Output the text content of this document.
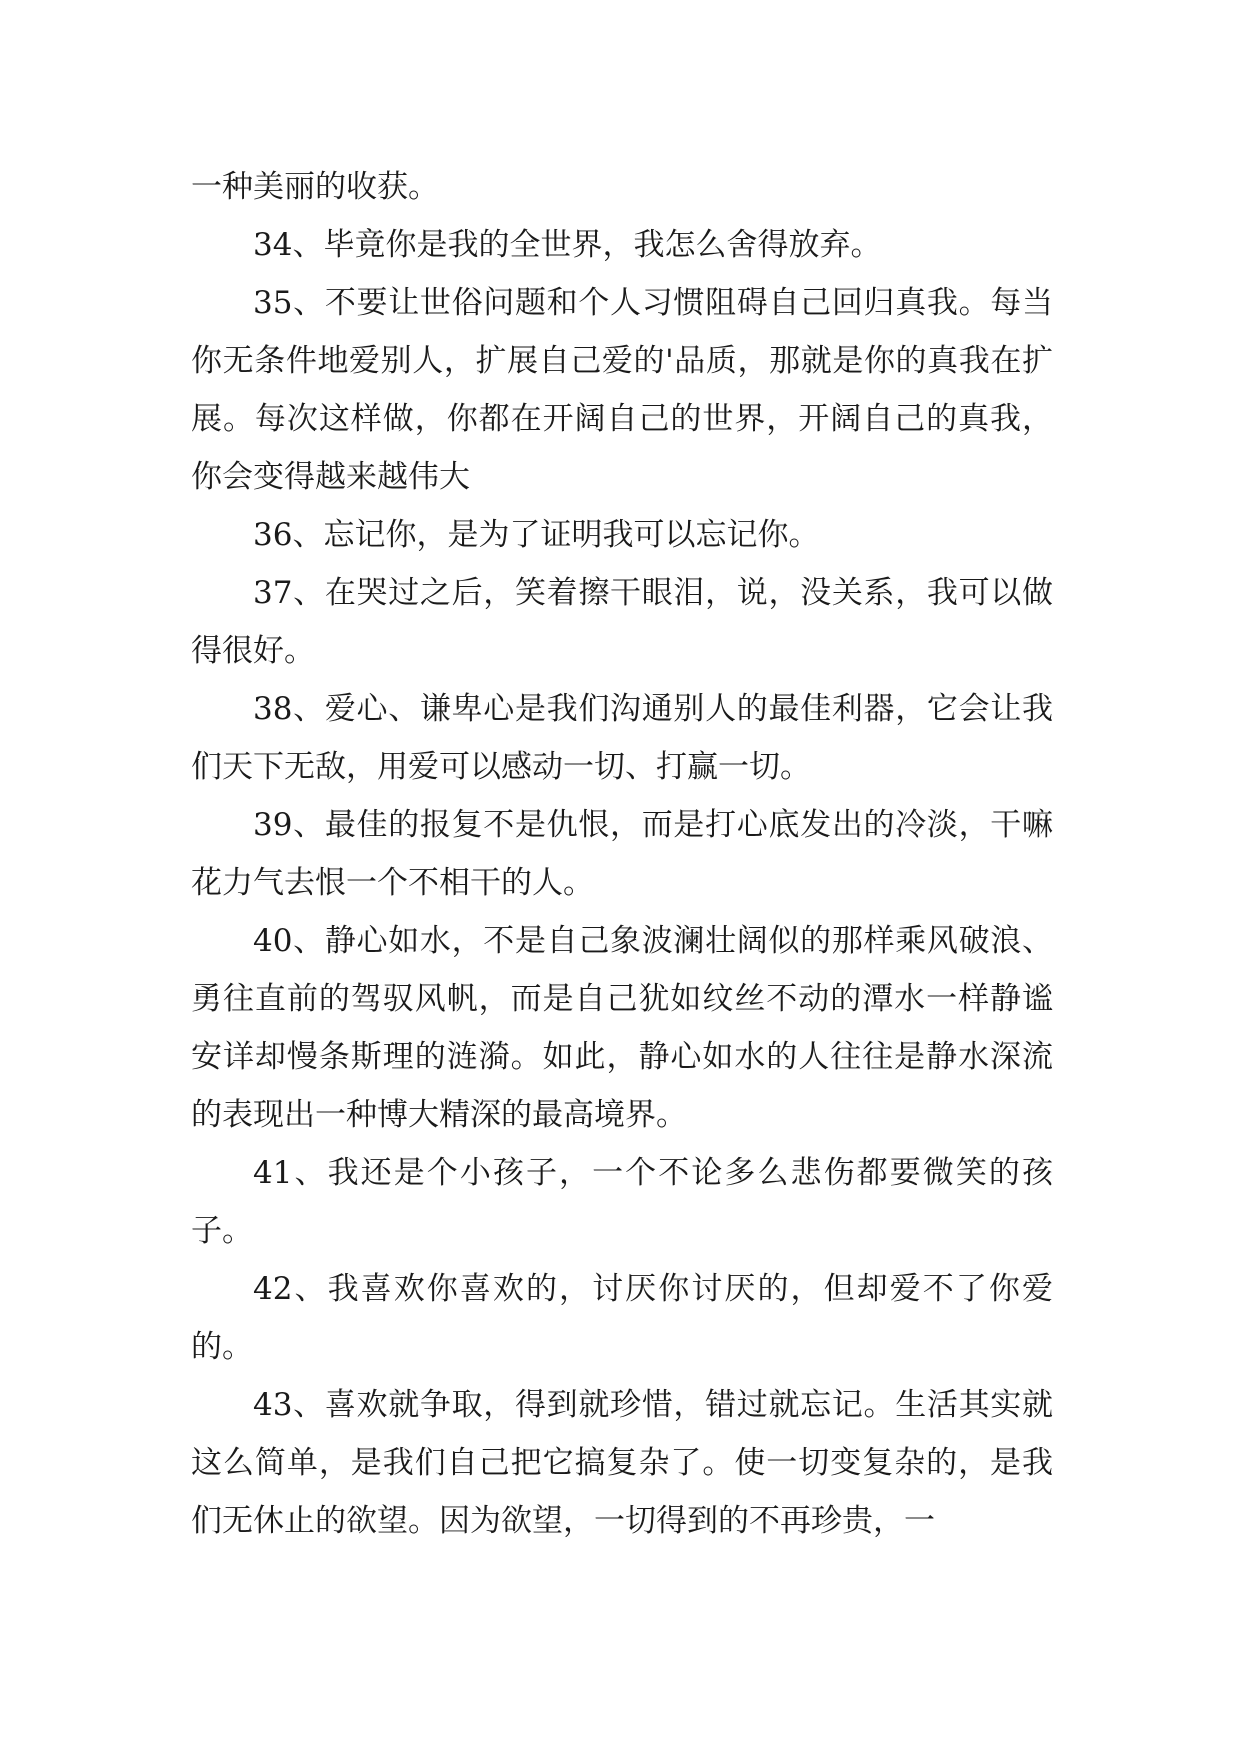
一种美丽的收获。

34、毕竟你是我的全世界，我怎么舍得放弃。

35、不要让世俗问题和个人习惯阻碍自己回归真我。每当你无条件地爱别人，扩展自己爱的'品质，那就是你的真我在扩展。每次这样做，你都在开阔自己的世界，开阔自己的真我，你会变得越来越伟大

36、忘记你，是为了证明我可以忘记你。

37、在哭过之后，笑着擦干眼泪，说，没关系，我可以做得很好。

38、爱心、谦卑心是我们沟通别人的最佳利器，它会让我们天下无敌，用爱可以感动一切、打赢一切。

39、最佳的报复不是仇恨，而是打心底发出的冷淡，干嘛花力气去恨一个不相干的人。

40、静心如水，不是自己象波澜壮阔似的那样乘风破浪、勇往直前的驾驭风帆，而是自己犹如纹丝不动的潭水一样静谧安详却慢条斯理的涟漪。如此，静心如水的人往往是静水深流的表现出一种博大精深的最高境界。

41、我还是个小孩子，一个不论多么悲伤都要微笑的孩子。

42、我喜欢你喜欢的，讨厌你讨厌的，但却爱不了你爱的。

43、喜欢就争取，得到就珍惜，错过就忘记。生活其实就这么简单，是我们自己把它搞复杂了。使一切变复杂的，是我们无休止的欲望。因为欲望，一切得到的不再珍贵，一
